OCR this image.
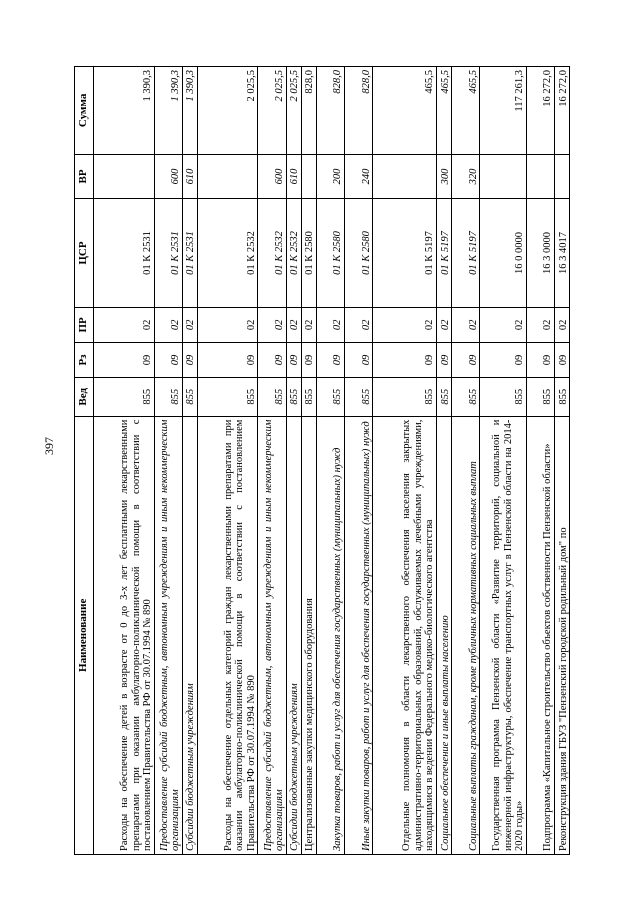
397
Наименование	Вед	Рз	ПР	ЦСР	ВР	Сумма
Расходы на обеспечение детей в возрасте от 0 до 3-х лет бесплатными лекарственными препаратами при оказании амбулаторно-поликлинической помощи в соответствии с постановлением Правительства РФ от 30.07.1994 № 890	855	09	02	01 К 2531		1 390,3
Предоставление субсидий бюджетным, автономным учреждениям и иным некоммерческим организациям	855	09	02	01 К 2531	600	1 390,3
Субсидии бюджетным учреждениям	855	09	02	01 К 2531	610	1 390,3
Расходы на обеспечение отдельных категорий граждан лекарственными препаратами при оказании амбулаторно-поликлинической помощи в соответствии с постановлением Правительства РФ от 30.07.1994 № 890	855	09	02	01 К 2532		2 025,5
Предоставление субсидий бюджетным, автономным учреждениям и иным некоммерческим организациям	855	09	02	01 К 2532	600	2 025,5
Субсидии бюджетным учреждениям	855	09	02	01 К 2532	610	2 025,5
Централизованные закупки медицинского оборудования	855	09	02	01 К 2580		828,0
Закупка товаров, работ и услуг для обеспечения государственных (муниципальных) нужд	855	09	02	01 К 2580	200	828,0
Иные закупки товаров, работ и услуг для обеспечения государственных (муниципальных) нужд	855	09	02	01 К 2580	240	828,0
Отдельные полномочия в области лекарственного обеспечения населения закрытых административно-территориальных образований, обслуживаемых лечебными учреждениями, находящимися в ведении Федерального медико-биологического агентства	855	09	02	01 К 5197		465,5
Социальное обеспечение и иные выплаты населению	855	09	02	01 К 5197	300	465,5
Социальные выплаты гражданам, кроме публичных нормативных социальных выплат	855	09	02	01 К 5197	320	465,5
Государственная программа Пензенской области «Развитие территорий, социальной и инженерной инфраструктуры, обеспечение транспортных услуг в Пензенской области на 2014-2020 годы»	855	09	02	16 0 0000		117 261,3
Подпрограмма «Капитальное строительство объектов собственности Пензенской области»	855	09	02	16 3 0000		16 272,0
Реконструкция здания ГБУЗ "Пензенский городской родильный дом" по	855	09	02	16 3 4017		16 272,0
